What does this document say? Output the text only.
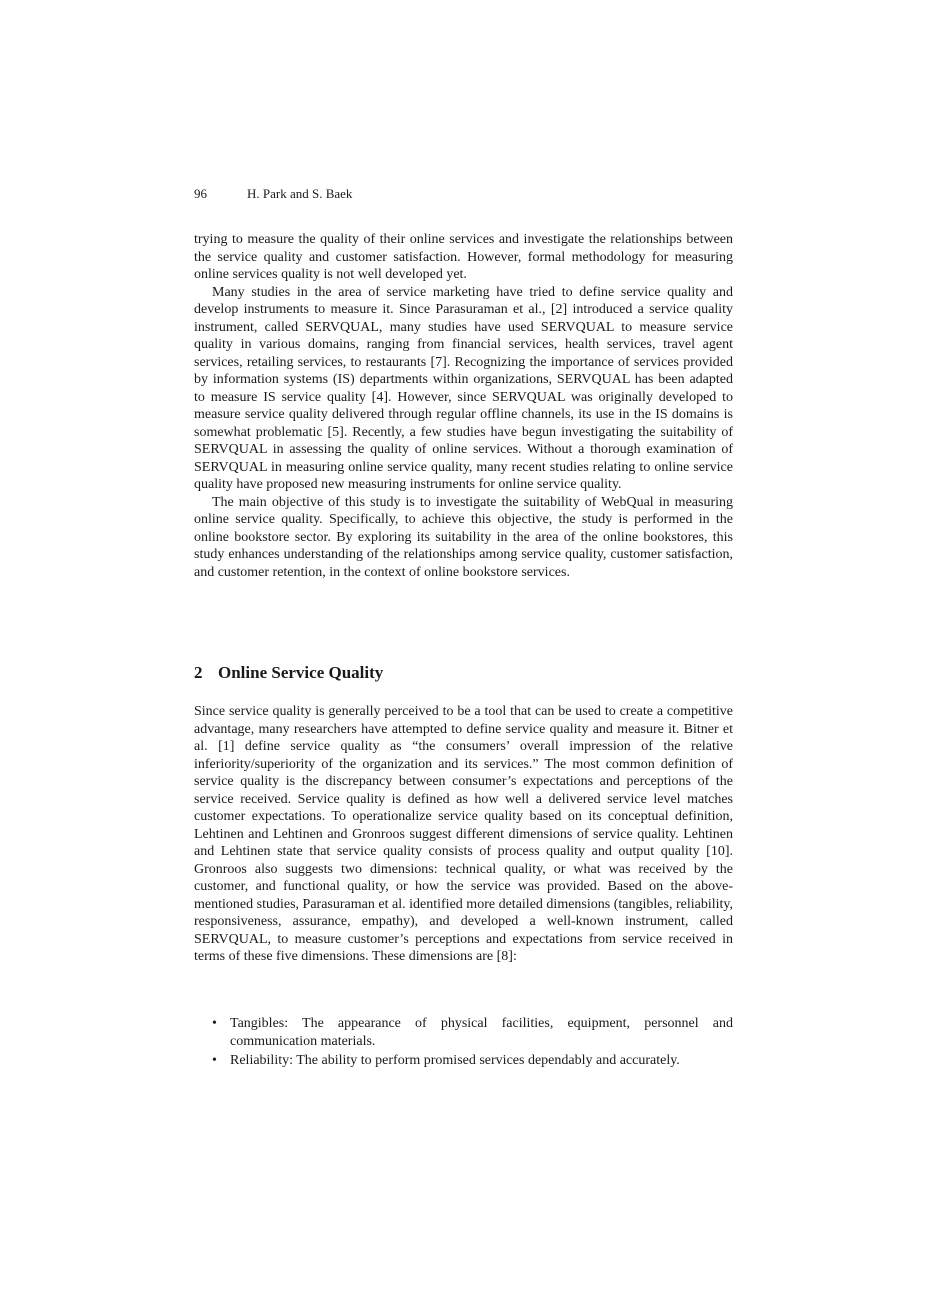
96	H. Park and S. Baek

trying to measure the quality of their online services and investigate the relationships between the service quality and customer satisfaction. However, formal methodology for measuring online services quality is not well developed yet.

Many studies in the area of service marketing have tried to define service quality and develop instruments to measure it. Since Parasuraman et al., [2] introduced a service quality instrument, called SERVQUAL, many studies have used SERVQUAL to measure service quality in various domains, ranging from financial services, health services, travel agent services, retailing services, to restaurants [7]. Recognizing the importance of services provided by information systems (IS) departments within organizations, SERVQUAL has been adapted to measure IS service quality [4]. However, since SERVQUAL was originally developed to measure service quality delivered through regular offline channels, its use in the IS domains is somewhat problematic [5]. Recently, a few studies have begun investigating the suitability of SERVQUAL in assessing the quality of online services. Without a thorough examination of SERVQUAL in measuring online service quality, many recent studies relating to online service quality have proposed new measuring instruments for online service quality.

The main objective of this study is to investigate the suitability of WebQual in measuring online service quality. Specifically, to achieve this objective, the study is performed in the online bookstore sector. By exploring its suitability in the area of the online bookstores, this study enhances understanding of the relationships among service quality, customer satisfaction, and customer retention, in the context of online bookstore services.

2 Online Service Quality

Since service quality is generally perceived to be a tool that can be used to create a competitive advantage, many researchers have attempted to define service quality and measure it. Bitner et al. [1] define service quality as “the consumers’ overall impression of the relative inferiority/superiority of the organization and its services.” The most common definition of service quality is the discrepancy between consumer’s expectations and perceptions of the service received. Service quality is defined as how well a delivered service level matches customer expectations. To operationalize service quality based on its conceptual definition, Lehtinen and Lehtinen and Gronroos suggest different dimensions of service quality. Lehtinen and Lehtinen state that service quality consists of process quality and output quality [10]. Gronroos also suggests two dimensions: technical quality, or what was received by the customer, and functional quality, or how the service was provided. Based on the above-mentioned studies, Parasuraman et al. identified more detailed dimensions (tangibles, reliability, responsiveness, assurance, empathy), and developed a well-known instrument, called SERVQUAL, to measure customer’s perceptions and expectations from service received in terms of these five dimensions. These dimensions are [8]:

• Tangibles: The appearance of physical facilities, equipment, personnel and communication materials.
• Reliability: The ability to perform promised services dependably and accurately.
